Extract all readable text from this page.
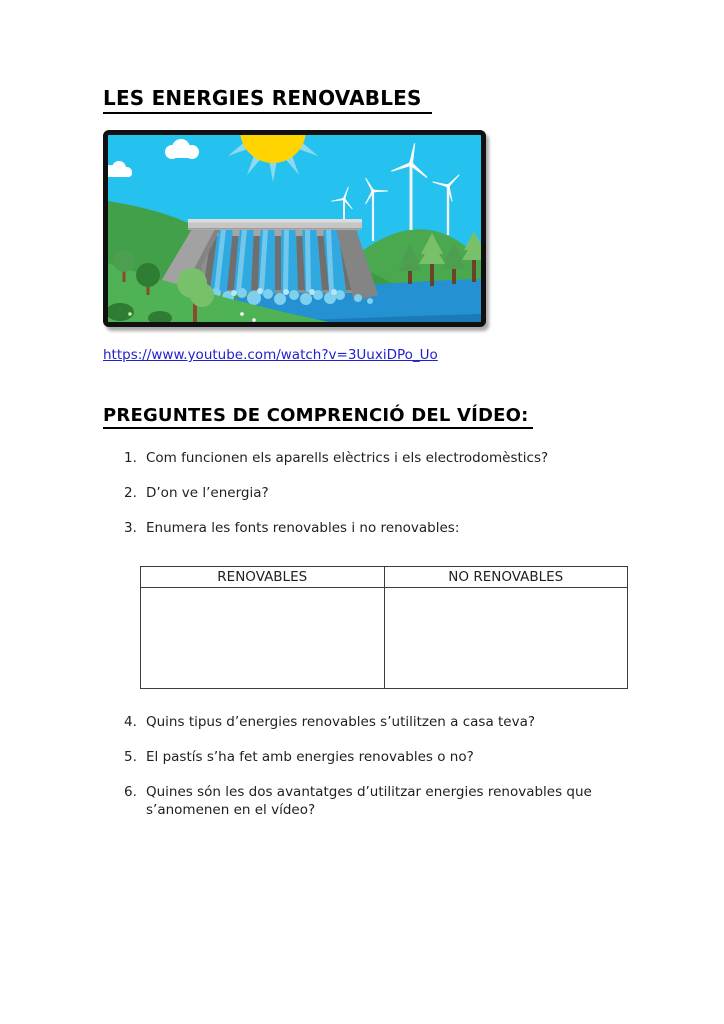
LES ENERGIES RENOVABLES
https://www.youtube.com/watch?v=3UuxiDPo_Uo
PREGUNTES DE COMPRENCIÓ DEL VÍDEO:
1. Com funcionen els aparells elèctrics i els electrodomèstics?
2. D’on ve l’energia?
3. Enumera les fonts renovables i no renovables:
RENOVABLES	NO RENOVABLES

4. Quins tipus d’energies renovables s’utilitzen a casa teva?
5. El pastís s’ha fet amb energies renovables o no?
6. Quines són les dos avantatges d’utilitzar energies renovables que s’anomenen en el vídeo?
